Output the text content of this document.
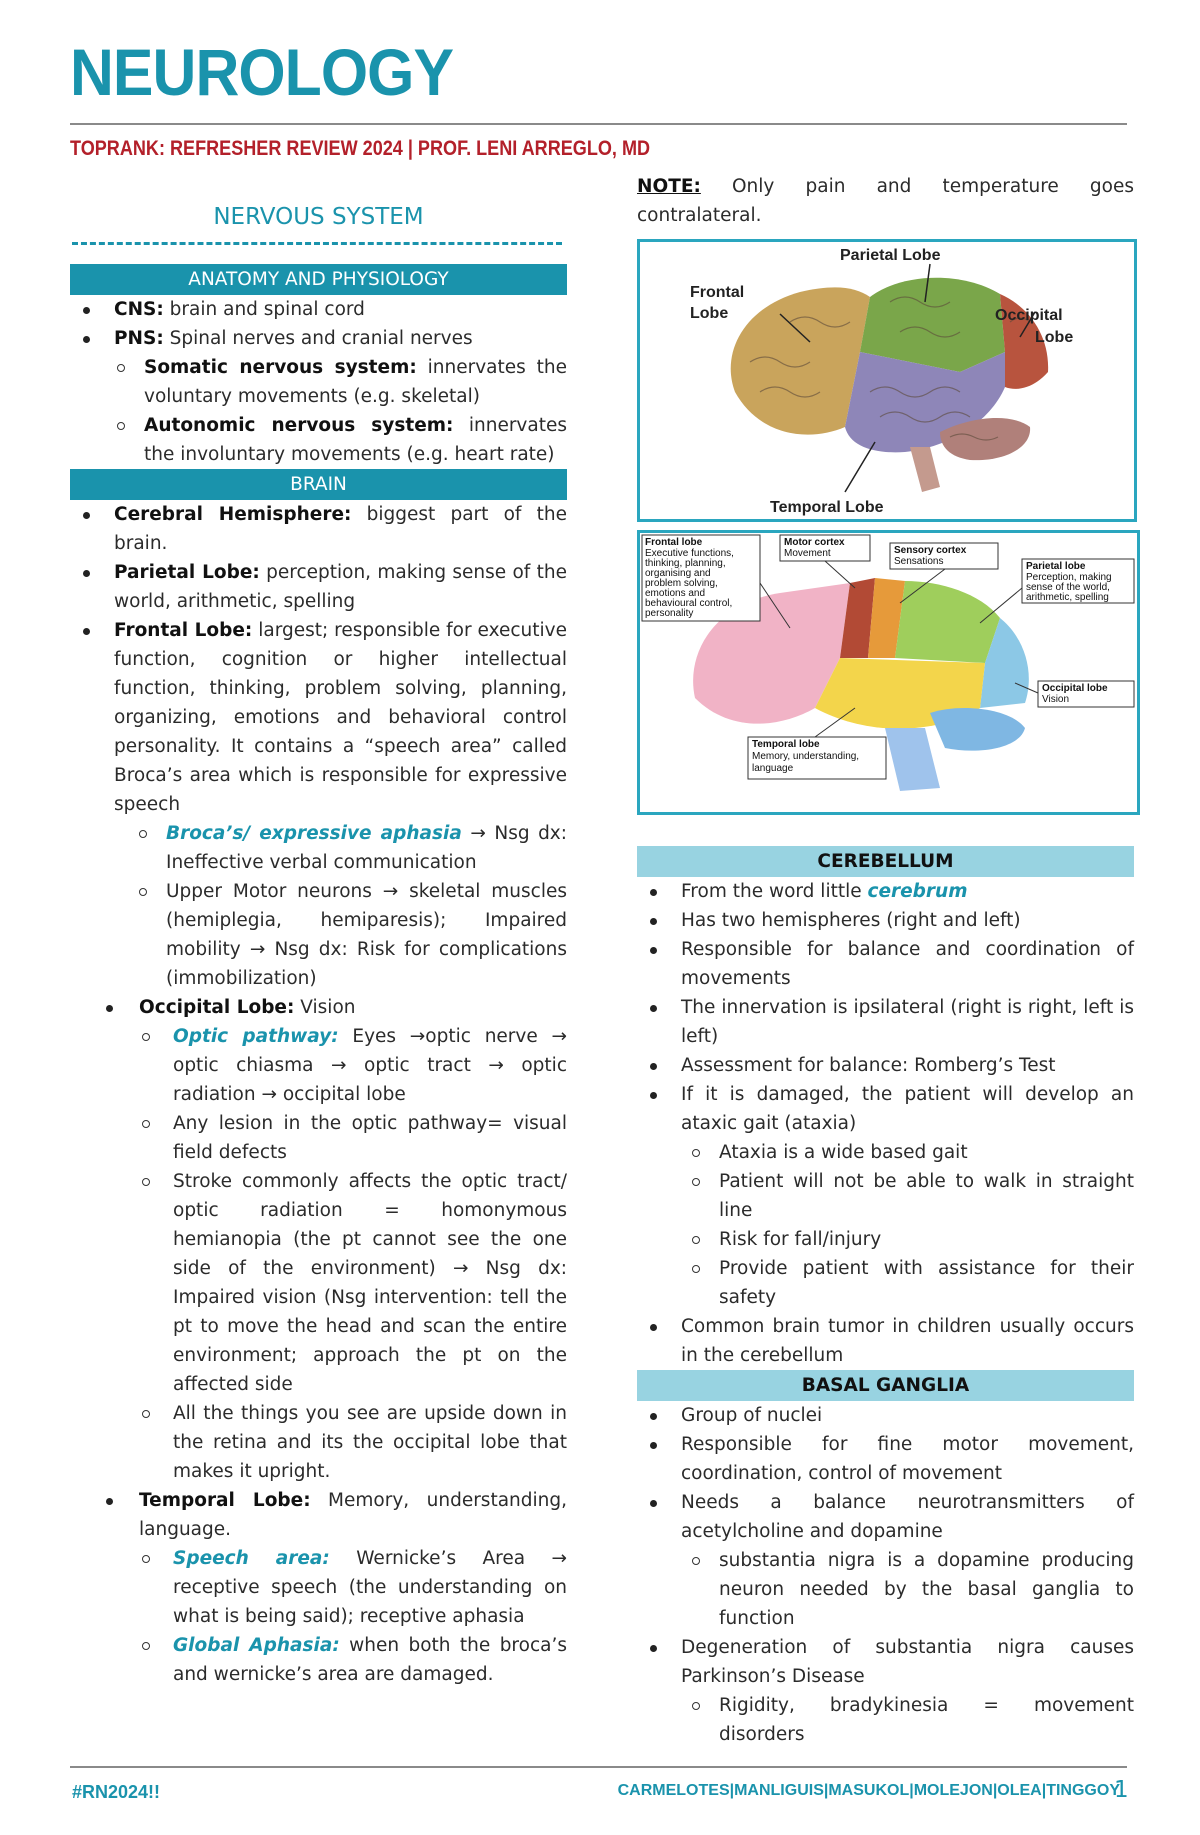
NEUROLOGY
TOPRANK: REFRESHER REVIEW 2024 | PROF. LENI ARREGLO, MD
NERVOUS SYSTEM
ANATOMY AND PHYSIOLOGY
CNS: brain and spinal cord
PNS: Spinal nerves and cranial nerves
Somatic nervous system: innervates the voluntary movements (e.g. skeletal)
Autonomic nervous system: innervates the involuntary movements (e.g. heart rate)
BRAIN
Cerebral Hemisphere: biggest part of the brain.
Parietal Lobe: perception, making sense of the world, arithmetic, spelling
Frontal Lobe: largest; responsible for executive function, cognition or higher intellectual function, thinking, problem solving, planning, organizing, emotions and behavioral control personality. It contains a “speech area” called Broca’s area which is responsible for expressive speech
Broca’s/ expressive aphasia → Nsg dx: Ineffective verbal communication
Upper Motor neurons → skeletal muscles (hemiplegia, hemiparesis); Impaired mobility → Nsg dx: Risk for complications (immobilization)
Occipital Lobe: Vision
Optic pathway: Eyes →optic nerve → optic chiasma → optic tract → optic radiation → occipital lobe
Any lesion in the optic pathway= visual field defects
Stroke commonly affects the optic tract/ optic radiation = homonymous hemianopia (the pt cannot see the one side of the environment) → Nsg dx: Impaired vision (Nsg intervention: tell the pt to move the head and scan the entire environment; approach the pt on the affected side
All the things you see are upside down in the retina and its the occipital lobe that makes it upright.
Temporal Lobe: Memory, understanding, language.
Speech area: Wernicke’s Area → receptive speech (the understanding on what is being said); receptive aphasia
Global Aphasia: when both the broca’s and wernicke’s area are damaged.
NOTE: Only pain and temperature goes contralateral.
Parietal Lobe
Frontal
Lobe	Occipital
Lobe
Temporal Lobe
Frontal lobe
Executive functions,
thinking, planning,
organising and
problem solving,
emotions and
behavioural control,
personality
Motor cortex
Movement	Sensory cortex
Sensations	Parietal lobe
Perception, making
sense of the world,
arithmetic, spelling
Occipital lobe
Vision
Temporal lobe
Memory, understanding,
language
CEREBELLUM
From the word little cerebrum
Has two hemispheres (right and left)
Responsible for balance and coordination of movements
The innervation is ipsilateral (right is right, left is left)
Assessment for balance: Romberg’s Test
If it is damaged, the patient will develop an ataxic gait (ataxia)
Ataxia is a wide based gait
Patient will not be able to walk in straight line
Risk for fall/injury
Provide patient with assistance for their safety
Common brain tumor in children usually occurs in the cerebellum
BASAL GANGLIA
Group of nuclei
Responsible for fine motor movement, coordination, control of movement
Needs a balance neurotransmitters of acetylcholine and dopamine
substantia nigra is a dopamine producing neuron needed by the basal ganglia to function
Degeneration of substantia nigra causes Parkinson’s Disease
Rigidity, bradykinesia = movement disorders
#RN2024!!	CARMELOTES|MANLIGUIS|MASUKOL|MOLEJON|OLEA|TINGGOY
1
